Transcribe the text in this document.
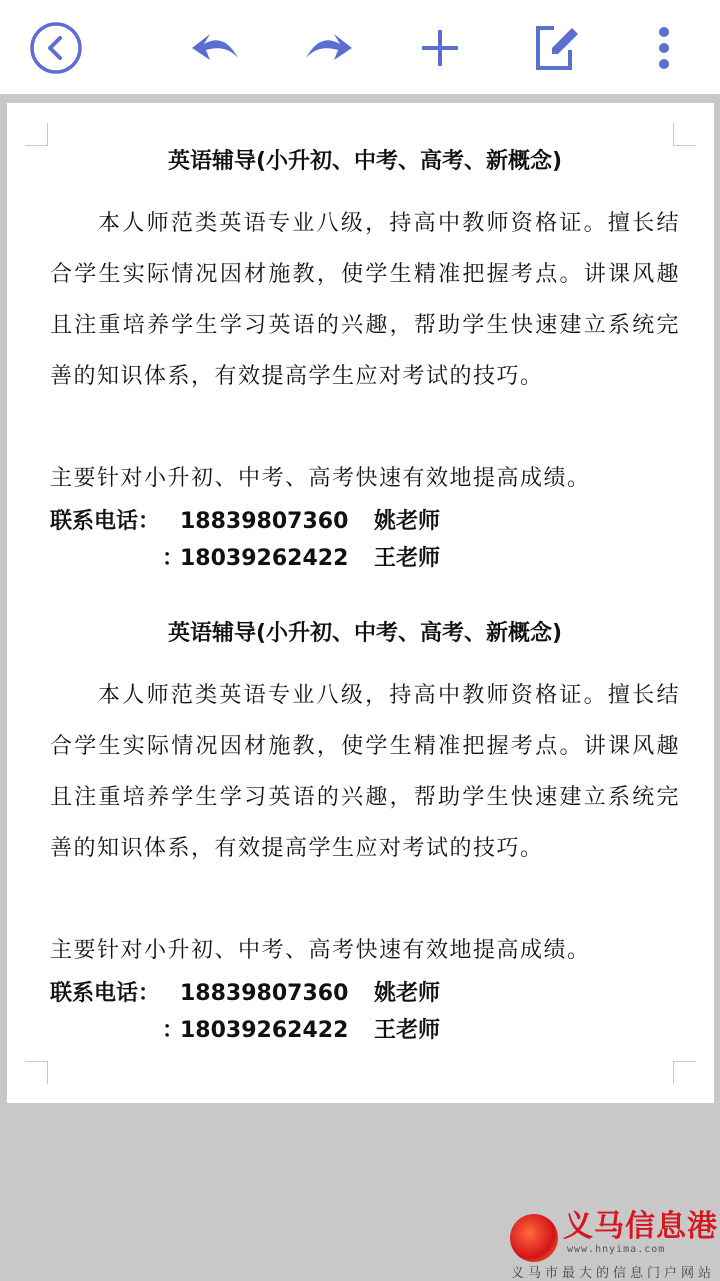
英语辅导(小升初、中考、高考、新概念)
本人师范类英语专业八级，持高中教师资格证。擅长结合学生实际情况因材施教，使学生精准把握考点。讲课风趣且注重培养学生学习英语的兴趣，帮助学生快速建立系统完善的知识体系，有效提高学生应对考试的技巧。
主要针对小升初、中考、高考快速有效地提高成绩。
联系电话： 18839807360 姚老师
：
18039262422 王老师
英语辅导(小升初、中考、高考、新概念)
本人师范类英语专业八级，持高中教师资格证。擅长结合学生实际情况因材施教，使学生精准把握考点。讲课风趣且注重培养学生学习英语的兴趣，帮助学生快速建立系统完善的知识体系，有效提高学生应对考试的技巧。
主要针对小升初、中考、高考快速有效地提高成绩。
联系电话： 18839807360 姚老师
：
18039262422 王老师
义马信息港
www.hnyima.com
义马市最大的信息门户网站
